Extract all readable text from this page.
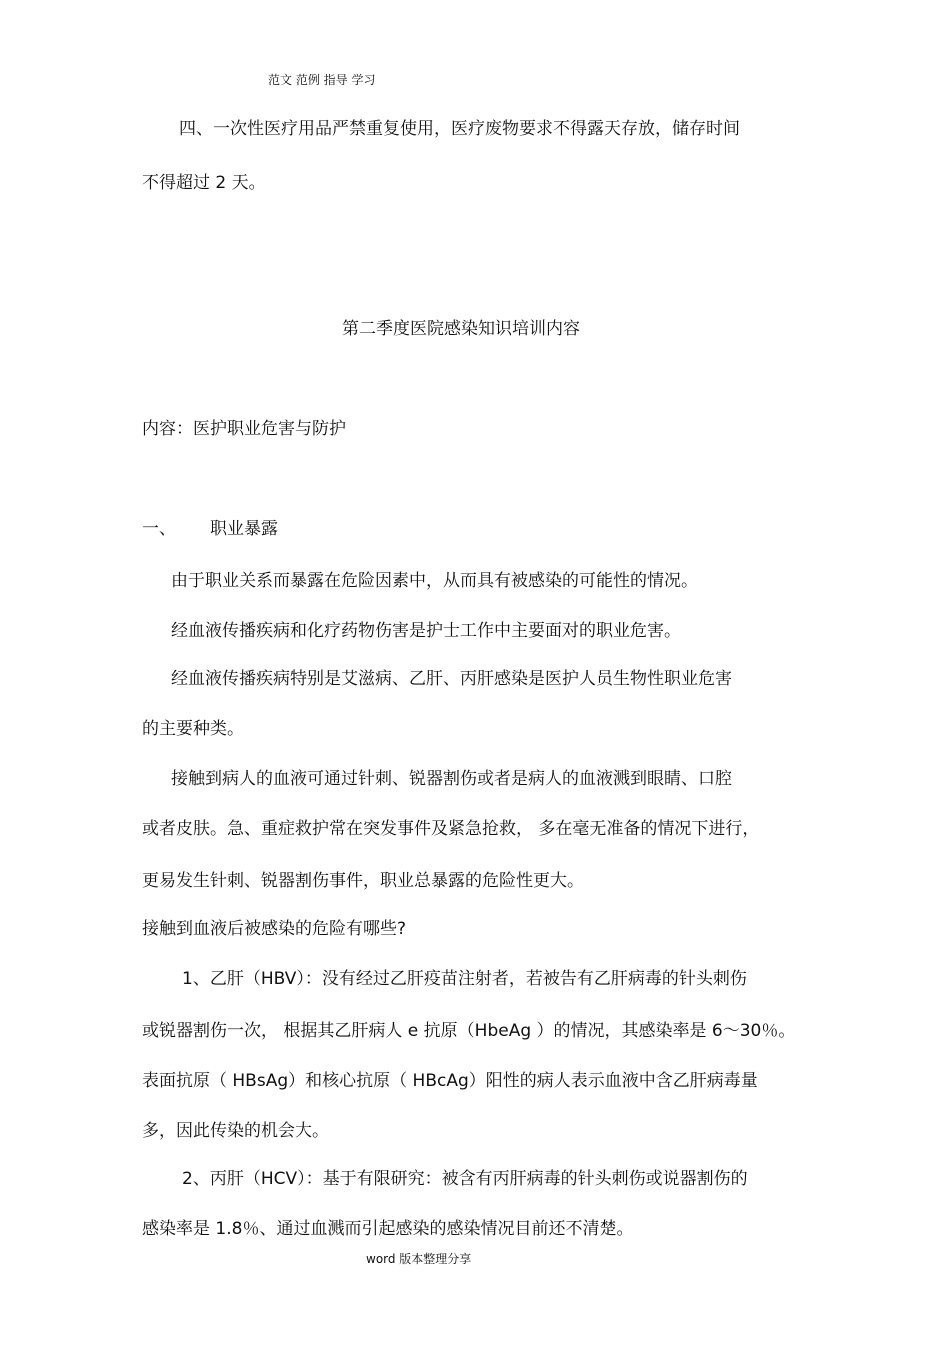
范文 范例 指导 学习
四、一次性医疗用品严禁重复使用，医疗废物要求不得露天存放，储存时间
不得超过 2 天。
第二季度医院感染知识培训内容
内容：医护职业危害与防护
一、 职业暴露
由于职业关系而暴露在危险因素中，从而具有被感染的可能性的情况。
经血液传播疾病和化疗药物伤害是护士工作中主要面对的职业危害。
经血液传播疾病特别是艾滋病、乙肝、丙肝感染是医护人员生物性职业危害
的主要种类。
接触到病人的血液可通过针刺、锐器割伤或者是病人的血液溅到眼睛、口腔
或者皮肤。急、重症救护常在突发事件及紧急抢救， 多在毫无准备的情况下进行，
更易发生针刺、锐器割伤事件，职业总暴露的危险性更大。
接触到血液后被感染的危险有哪些?
1、乙肝（HBV）：没有经过乙肝疫苗注射者，若被告有乙肝病毒的针头刺伤
或锐器割伤一次， 根据其乙肝病人 e 抗原（HbeAg ）的情况，其感染率是 6～30％。
表面抗原（ HBsAg）和核心抗原（ HBcAg）阳性的病人表示血液中含乙肝病毒量
多，因此传染的机会大。
2、丙肝（HCV）：基于有限研究：被含有丙肝病毒的针头刺伤或说器割伤的
感染率是 1.8％、通过血溅而引起感染的感染情况目前还不清楚。
word 版本整理分享
